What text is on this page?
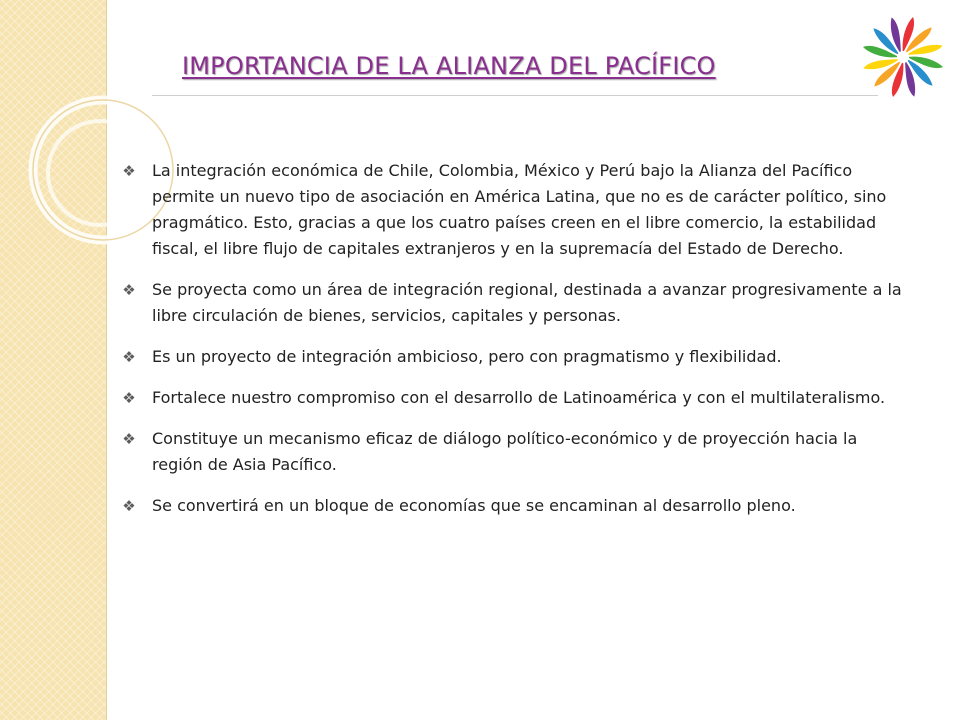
IMPORTANCIA DE LA ALIANZA DEL PACÍFICO
❖ La integración económica de Chile, Colombia, México y Perú bajo la Alianza del Pacífico permite un nuevo tipo de asociación en América Latina, que no es de carácter político, sino pragmático. Esto, gracias a que los cuatro países creen en el libre comercio, la estabilidad fiscal, el libre flujo de capitales extranjeros y en la supremacía del Estado de Derecho.
❖ Se proyecta como un área de integración regional, destinada a avanzar progresivamente a la libre circulación de bienes, servicios, capitales y personas.
❖ Es un proyecto de integración ambicioso, pero con pragmatismo y flexibilidad.
❖ Fortalece nuestro compromiso con el desarrollo de Latinoamérica y con el multilateralismo.
❖ Constituye un mecanismo eficaz de diálogo político-económico y de proyección hacia la región de Asia Pacífico.
❖ Se convertirá en un bloque de economías que se encaminan al desarrollo pleno.
